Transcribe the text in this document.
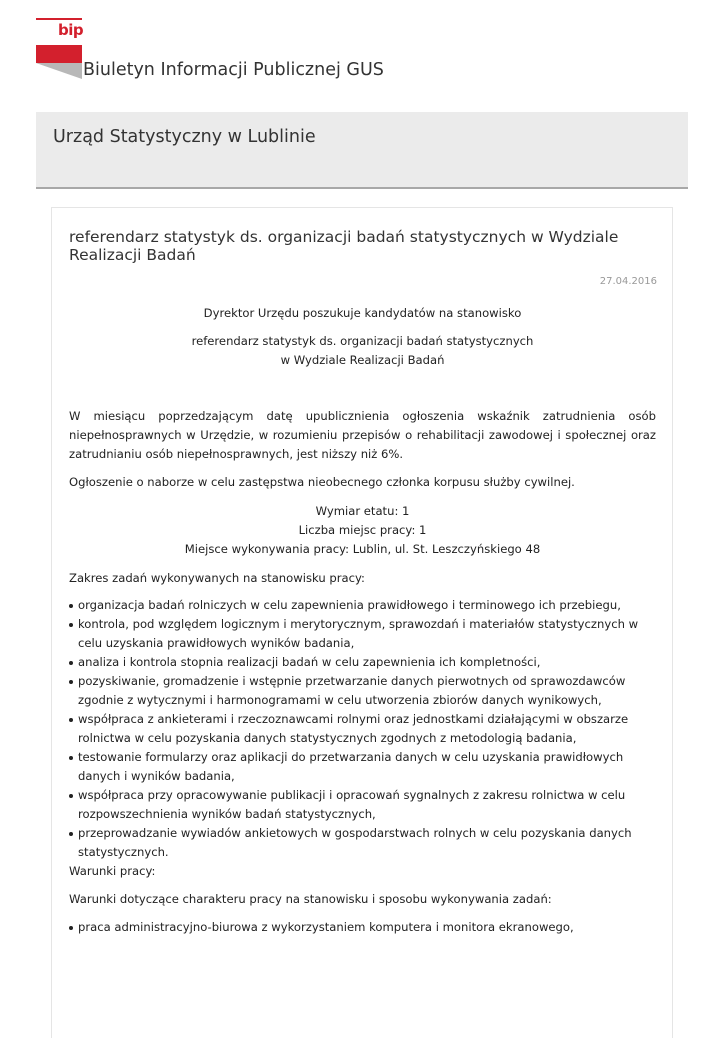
bip
Biuletyn Informacji Publicznej GUS
Urząd Statystyczny w Lublinie
referendarz statystyk ds. organizacji badań statystycznych w Wydziale Realizacji Badań
27.04.2016
Dyrektor Urzędu poszukuje kandydatów na stanowisko
referendarz statystyk ds. organizacji badań statystycznych
w Wydziale Realizacji Badań
W miesiącu poprzedzającym datę upublicznienia ogłoszenia wskaźnik zatrudnienia osób niepełnosprawnych w Urzędzie, w rozumieniu przepisów o rehabilitacji zawodowej i społecznej oraz zatrudnianiu osób niepełnosprawnych, jest niższy niż 6%.
Ogłoszenie o naborze w celu zastępstwa nieobecnego członka korpusu służby cywilnej.
Wymiar etatu: 1
Liczba miejsc pracy: 1
Miejsce wykonywania pracy: Lublin, ul. St. Leszczyńskiego 48
Zakres zadań wykonywanych na stanowisku pracy:
organizacja badań rolniczych w celu zapewnienia prawidłowego i terminowego ich przebiegu,
kontrola, pod względem logicznym i merytorycznym, sprawozdań i materiałów statystycznych w celu uzyskania prawidłowych wyników badania,
analiza i kontrola stopnia realizacji badań w celu zapewnienia ich kompletności,
pozyskiwanie, gromadzenie i wstępnie przetwarzanie danych pierwotnych od sprawozdawców zgodnie z wytycznymi i harmonogramami w celu utworzenia zbiorów danych wynikowych,
współpraca z ankieterami i rzeczoznawcami rolnymi oraz jednostkami działającymi w obszarze rolnictwa w celu pozyskania danych statystycznych zgodnych z metodologią badania,
testowanie formularzy oraz aplikacji do przetwarzania danych w celu uzyskania prawidłowych danych i wyników badania,
współpraca przy opracowywanie publikacji i opracowań sygnalnych z zakresu rolnictwa w celu rozpowszechnienia wyników badań statystycznych,
przeprowadzanie wywiadów ankietowych w gospodarstwach rolnych w celu pozyskania danych statystycznych.
Warunki pracy:
Warunki dotyczące charakteru pracy na stanowisku i sposobu wykonywania zadań:
praca administracyjno-biurowa z wykorzystaniem komputera i monitora ekranowego,
